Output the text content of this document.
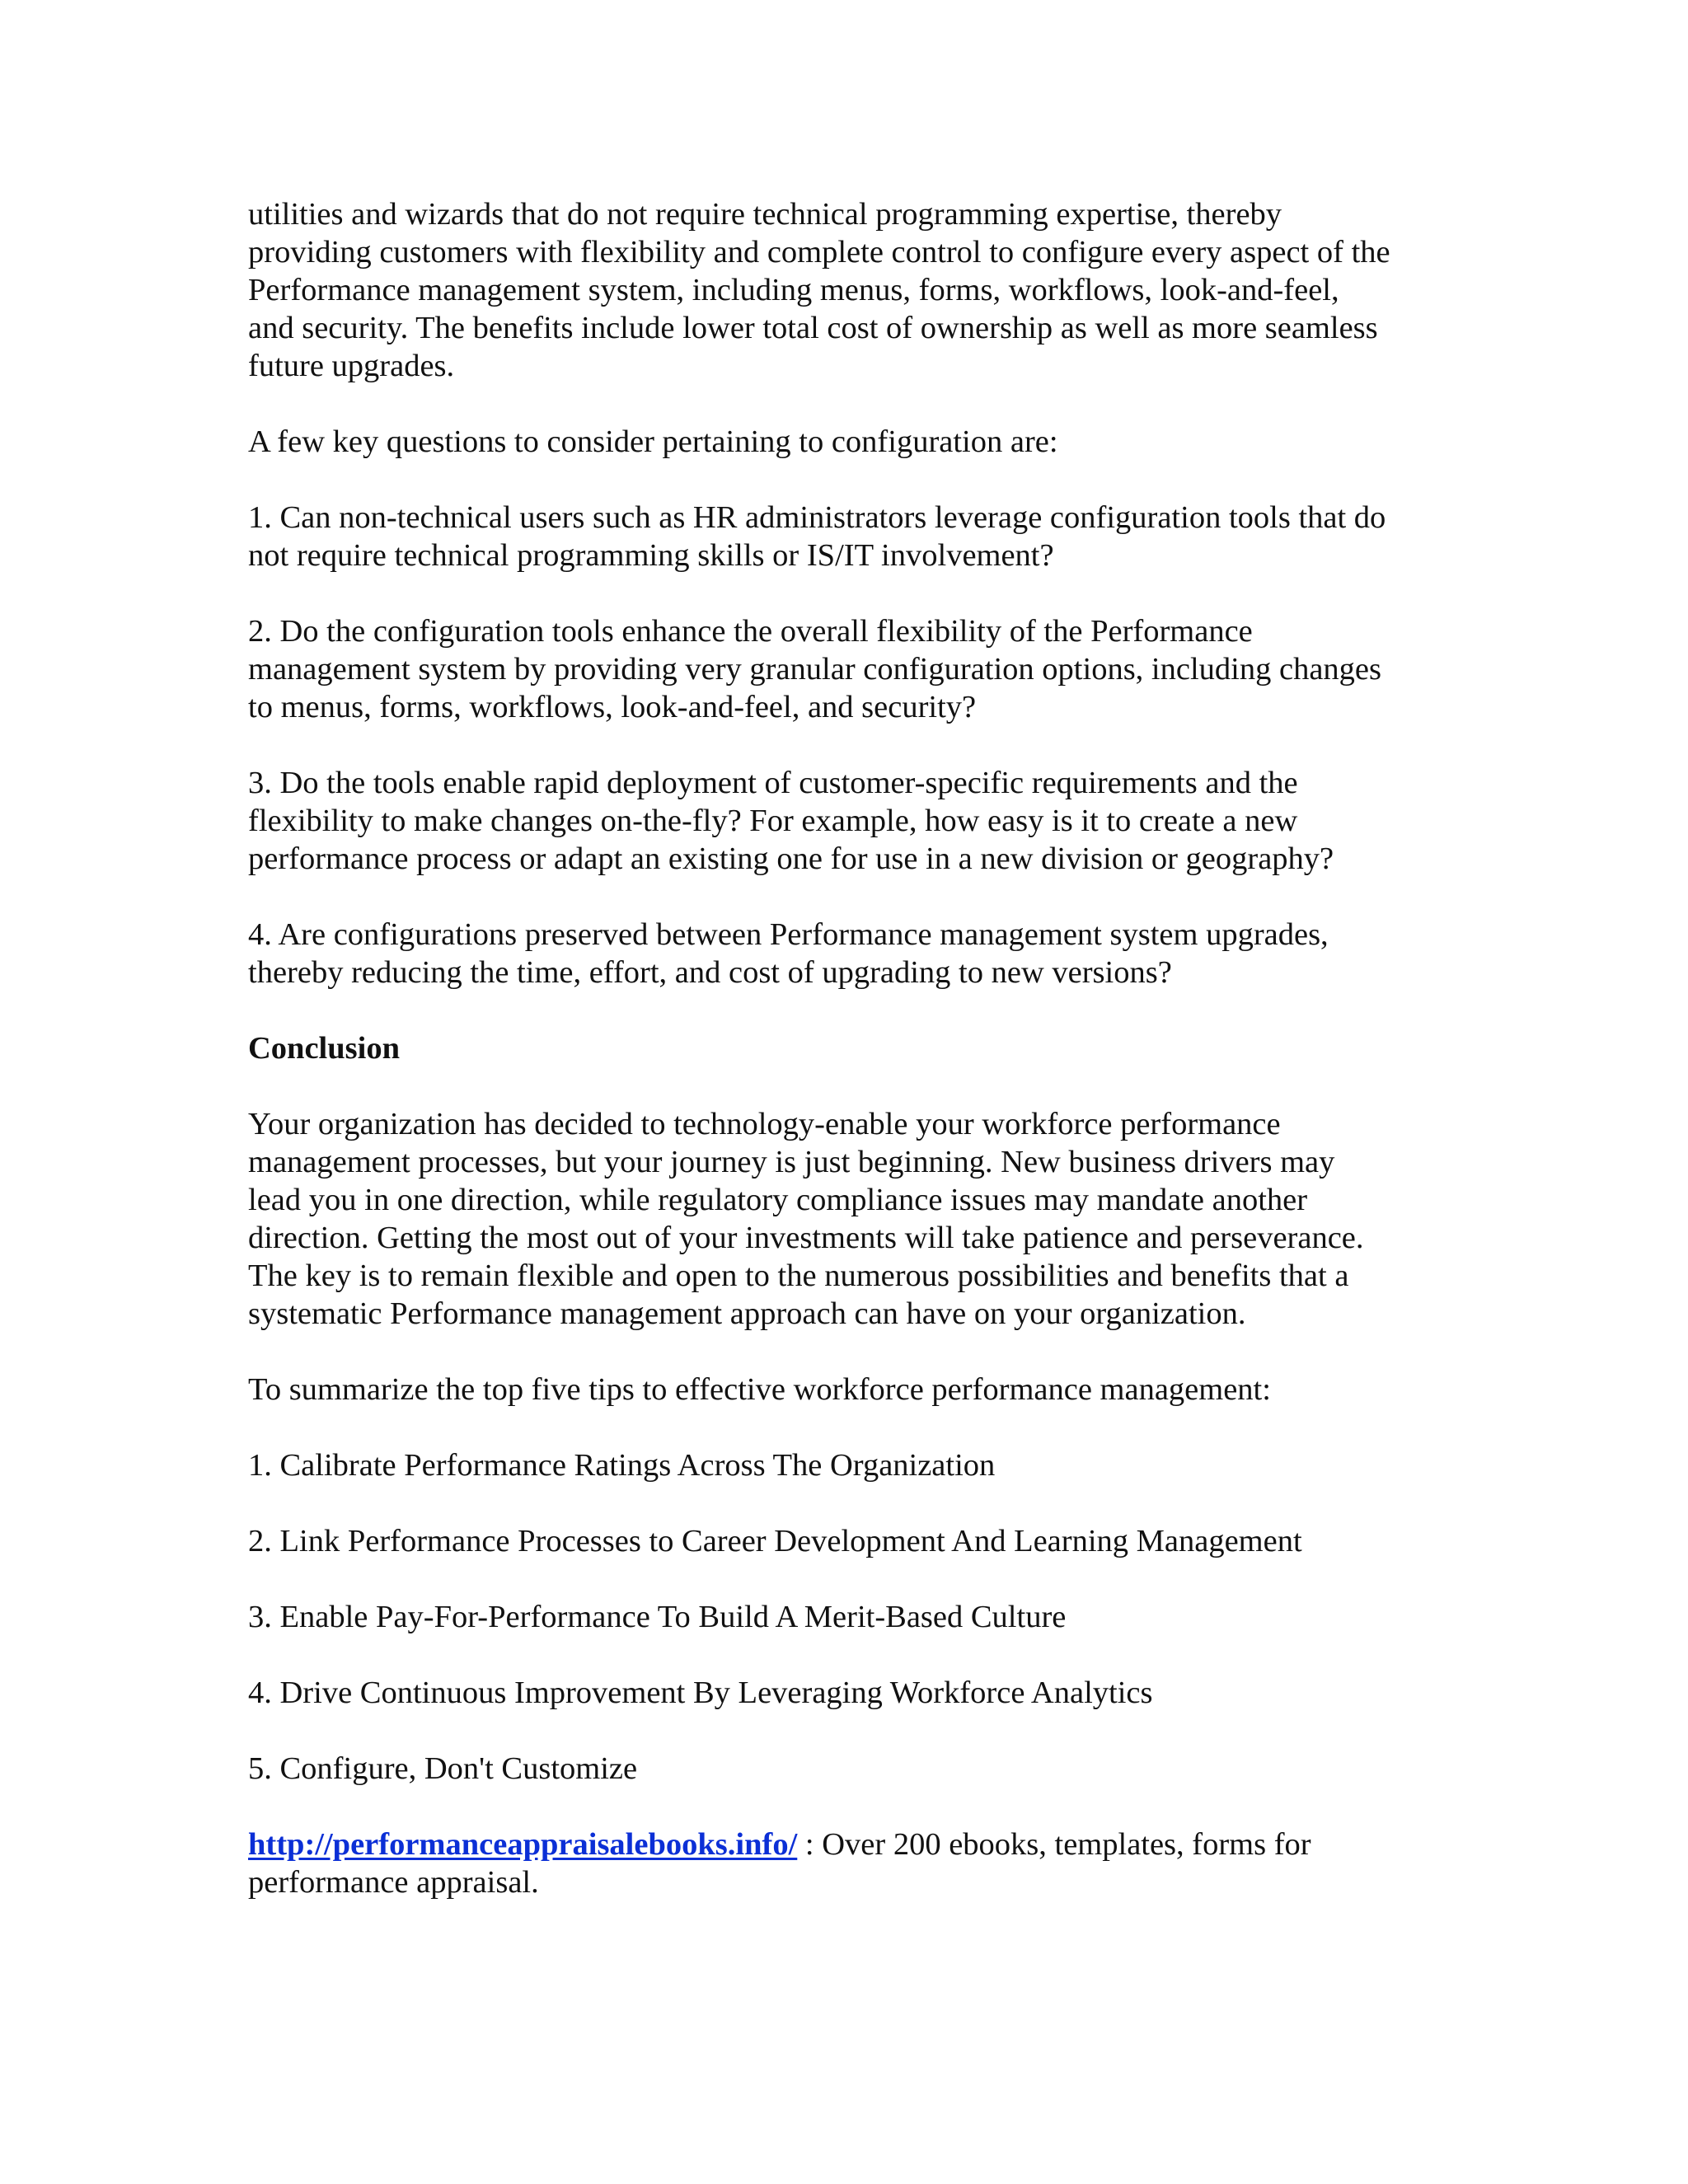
utilities and wizards that do not require technical programming expertise, thereby
providing customers with flexibility and complete control to configure every aspect of the
Performance management system, including menus, forms, workflows, look-and-feel,
and security. The benefits include lower total cost of ownership as well as more seamless
future upgrades.

A few key questions to consider pertaining to configuration are:

1. Can non-technical users such as HR administrators leverage configuration tools that do
not require technical programming skills or IS/IT involvement?

2. Do the configuration tools enhance the overall flexibility of the Performance
management system by providing very granular configuration options, including changes
to menus, forms, workflows, look-and-feel, and security?

3. Do the tools enable rapid deployment of customer-specific requirements and the
flexibility to make changes on-the-fly? For example, how easy is it to create a new
performance process or adapt an existing one for use in a new division or geography?

4. Are configurations preserved between Performance management system upgrades,
thereby reducing the time, effort, and cost of upgrading to new versions?

Conclusion

Your organization has decided to technology-enable your workforce performance
management processes, but your journey is just beginning. New business drivers may
lead you in one direction, while regulatory compliance issues may mandate another
direction. Getting the most out of your investments will take patience and perseverance.
The key is to remain flexible and open to the numerous possibilities and benefits that a
systematic Performance management approach can have on your organization.

To summarize the top five tips to effective workforce performance management:

1. Calibrate Performance Ratings Across The Organization

2. Link Performance Processes to Career Development And Learning Management

3. Enable Pay-For-Performance To Build A Merit-Based Culture

4. Drive Continuous Improvement By Leveraging Workforce Analytics

5. Configure, Don't Customize

http://performanceappraisalebooks.info/ : Over 200 ebooks, templates, forms for
performance appraisal.
